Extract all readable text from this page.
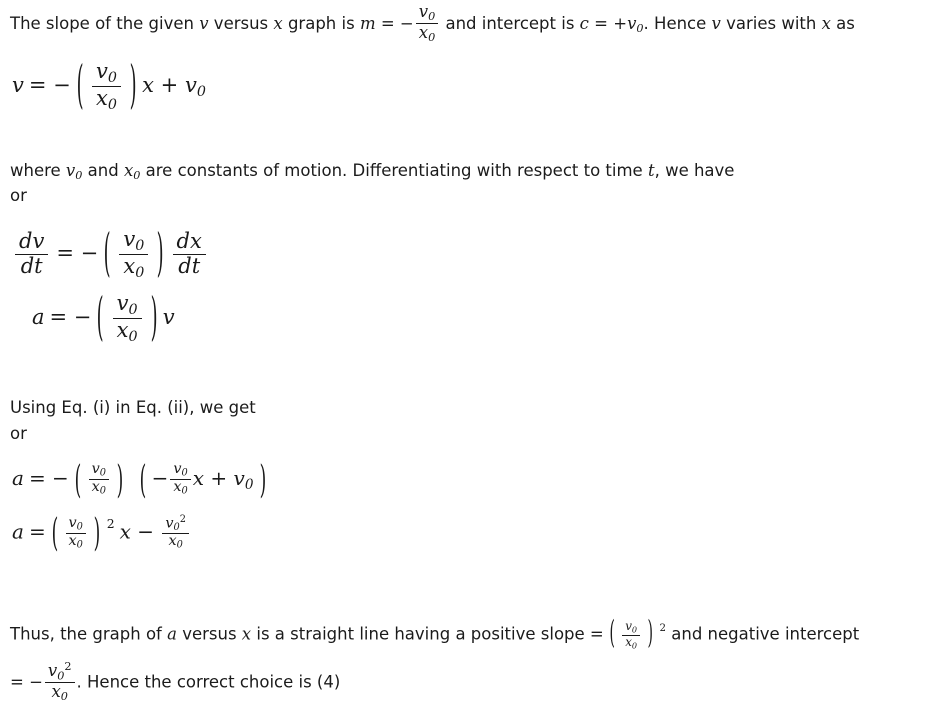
The slope of the given v versus x graph is m = − $\frac{v_0}{x_0}$ and intercept is $c = +v_0$. Hence v varies with x as
v = − ( $\frac{v_0}{x_0}$ ) $x + v_0$
where $v_0$ and $x_0$ are constants of motion. Differentiating with respect to time t, we have
or
$\frac{dv}{dt}$ = − ( $\frac{v_0}{x_0}$ ) $\frac{dx}{dt}$
a = − ( $\frac{v_0}{x_0}$ ) v
Using Eq. (i) in Eq. (ii), we get
or
a = − ( $\frac{v_0}{x_0}$ ) ( − $\frac{v_0}{x_0}$ $x + v_0$ )
a = ( $\frac{v_0}{x_0}$ ) $^2$ $x - \frac{v_0^2}{x_0}$
Thus, the graph of a versus x is a straight line having a positive slope = ( $\frac{v_0}{x_0}$ ) $^2$ and negative intercept
= − $\frac{v_0^2}{x_0}$ . Hence the correct choice is (4)
